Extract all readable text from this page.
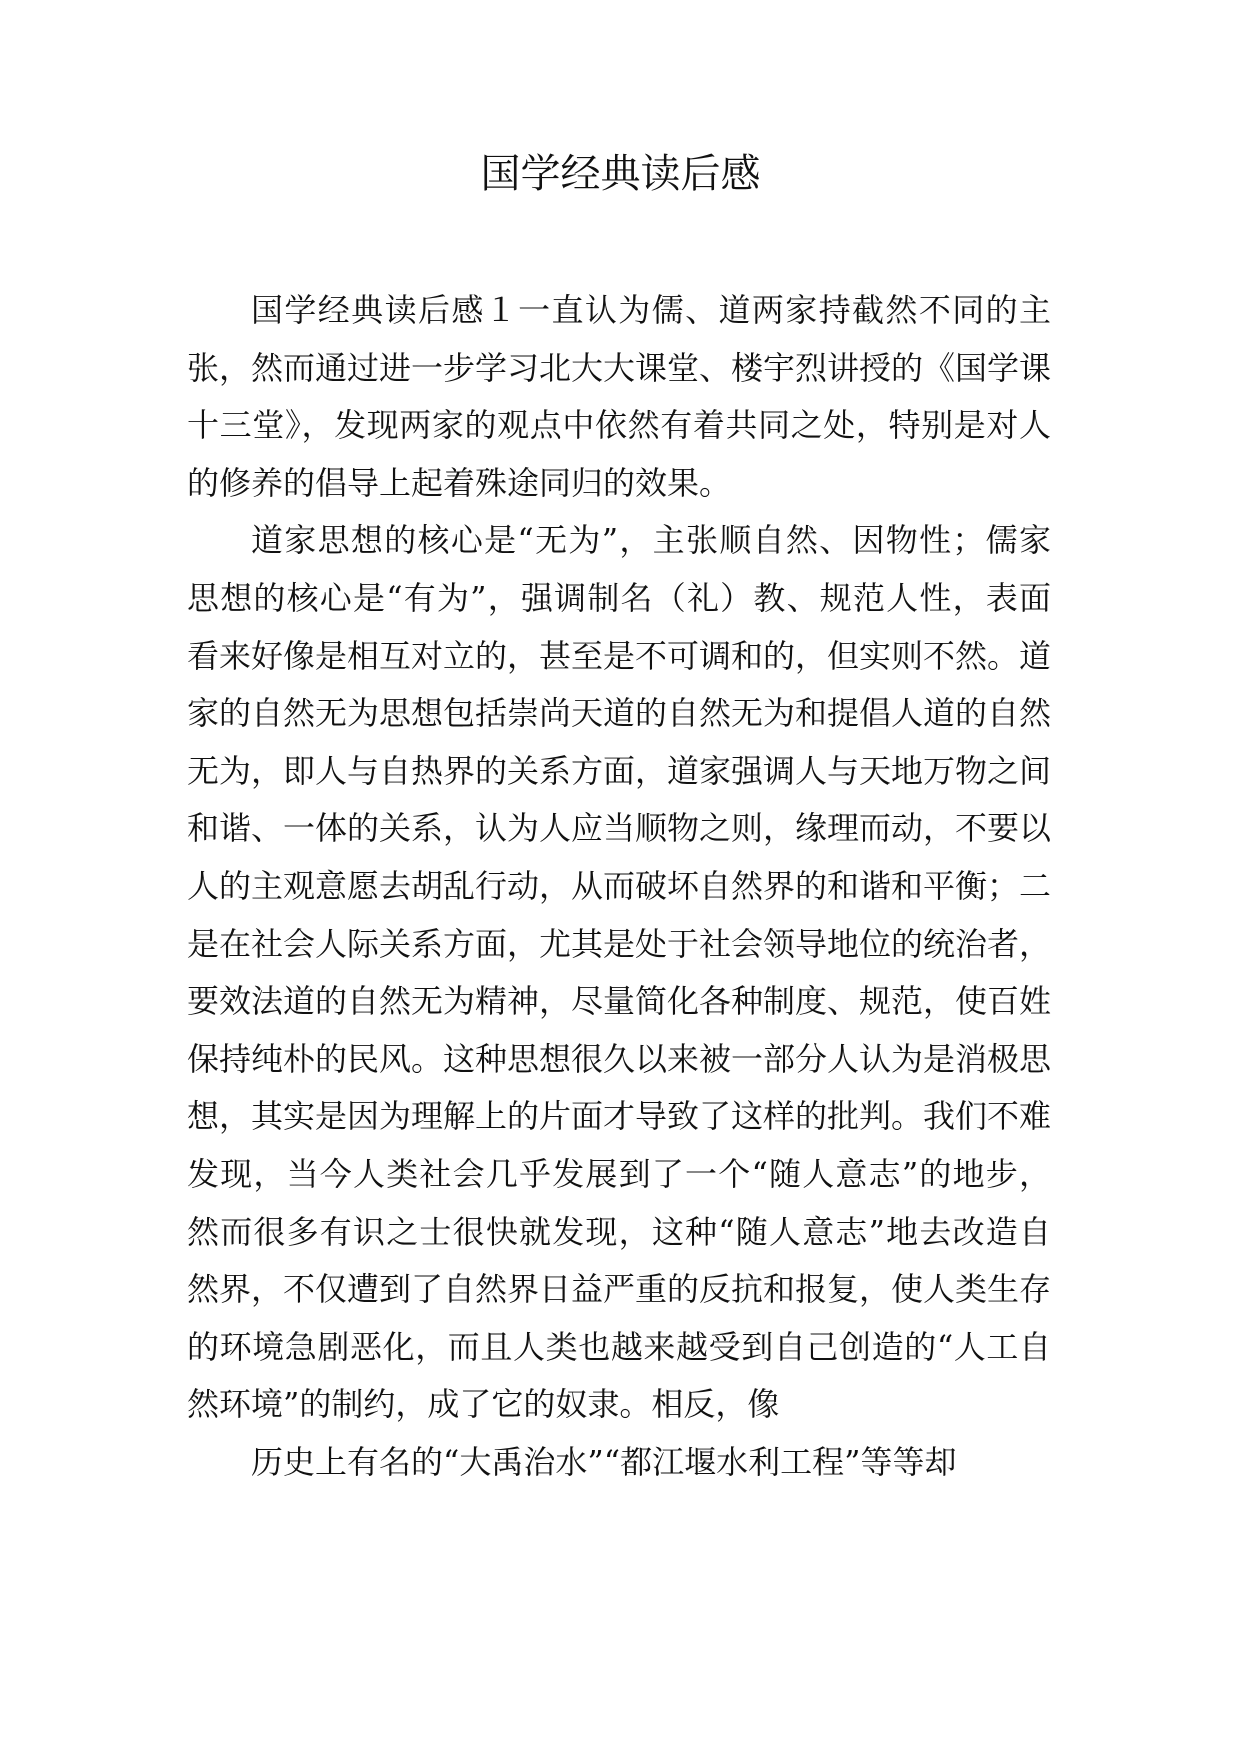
国学经典读后感

国学经典读后感１一直认为儒、道两家持截然不同的主张，然而通过进一步学习北大大课堂、楼宇烈讲授的《国学课十三堂》，发现两家的观点中依然有着共同之处，特别是对人的修养的倡导上起着殊途同归的效果。

道家思想的核心是“无为”，主张顺自然、因物性；儒家思想的核心是“有为”，强调制名（礼）教、规范人性，表面看来好像是相互对立的，甚至是不可调和的，但实则不然。道家的自然无为思想包括崇尚天道的自然无为和提倡人道的自然无为，即人与自热界的关系方面，道家强调人与天地万物之间和谐、一体的关系，认为人应当顺物之则，缘理而动，不要以人的主观意愿去胡乱行动，从而破坏自然界的和谐和平衡；二是在社会人际关系方面，尤其是处于社会领导地位的统治者，要效法道的自然无为精神，尽量简化各种制度、规范，使百姓保持纯朴的民风。这种思想很久以来被一部分人认为是消极思想，其实是因为理解上的片面才导致了这样的批判。我们不难发现，当今人类社会几乎发展到了一个“随人意志”的地步，然而很多有识之士很快就发现，这种“随人意志”地去改造自然界，不仅遭到了自然界日益严重的反抗和报复，使人类生存的环境急剧恶化，而且人类也越来越受到自己创造的“人工自然环境”的制约，成了它的奴隶。相反，像

历史上有名的“大禹治水”“都江堰水利工程”等等却
